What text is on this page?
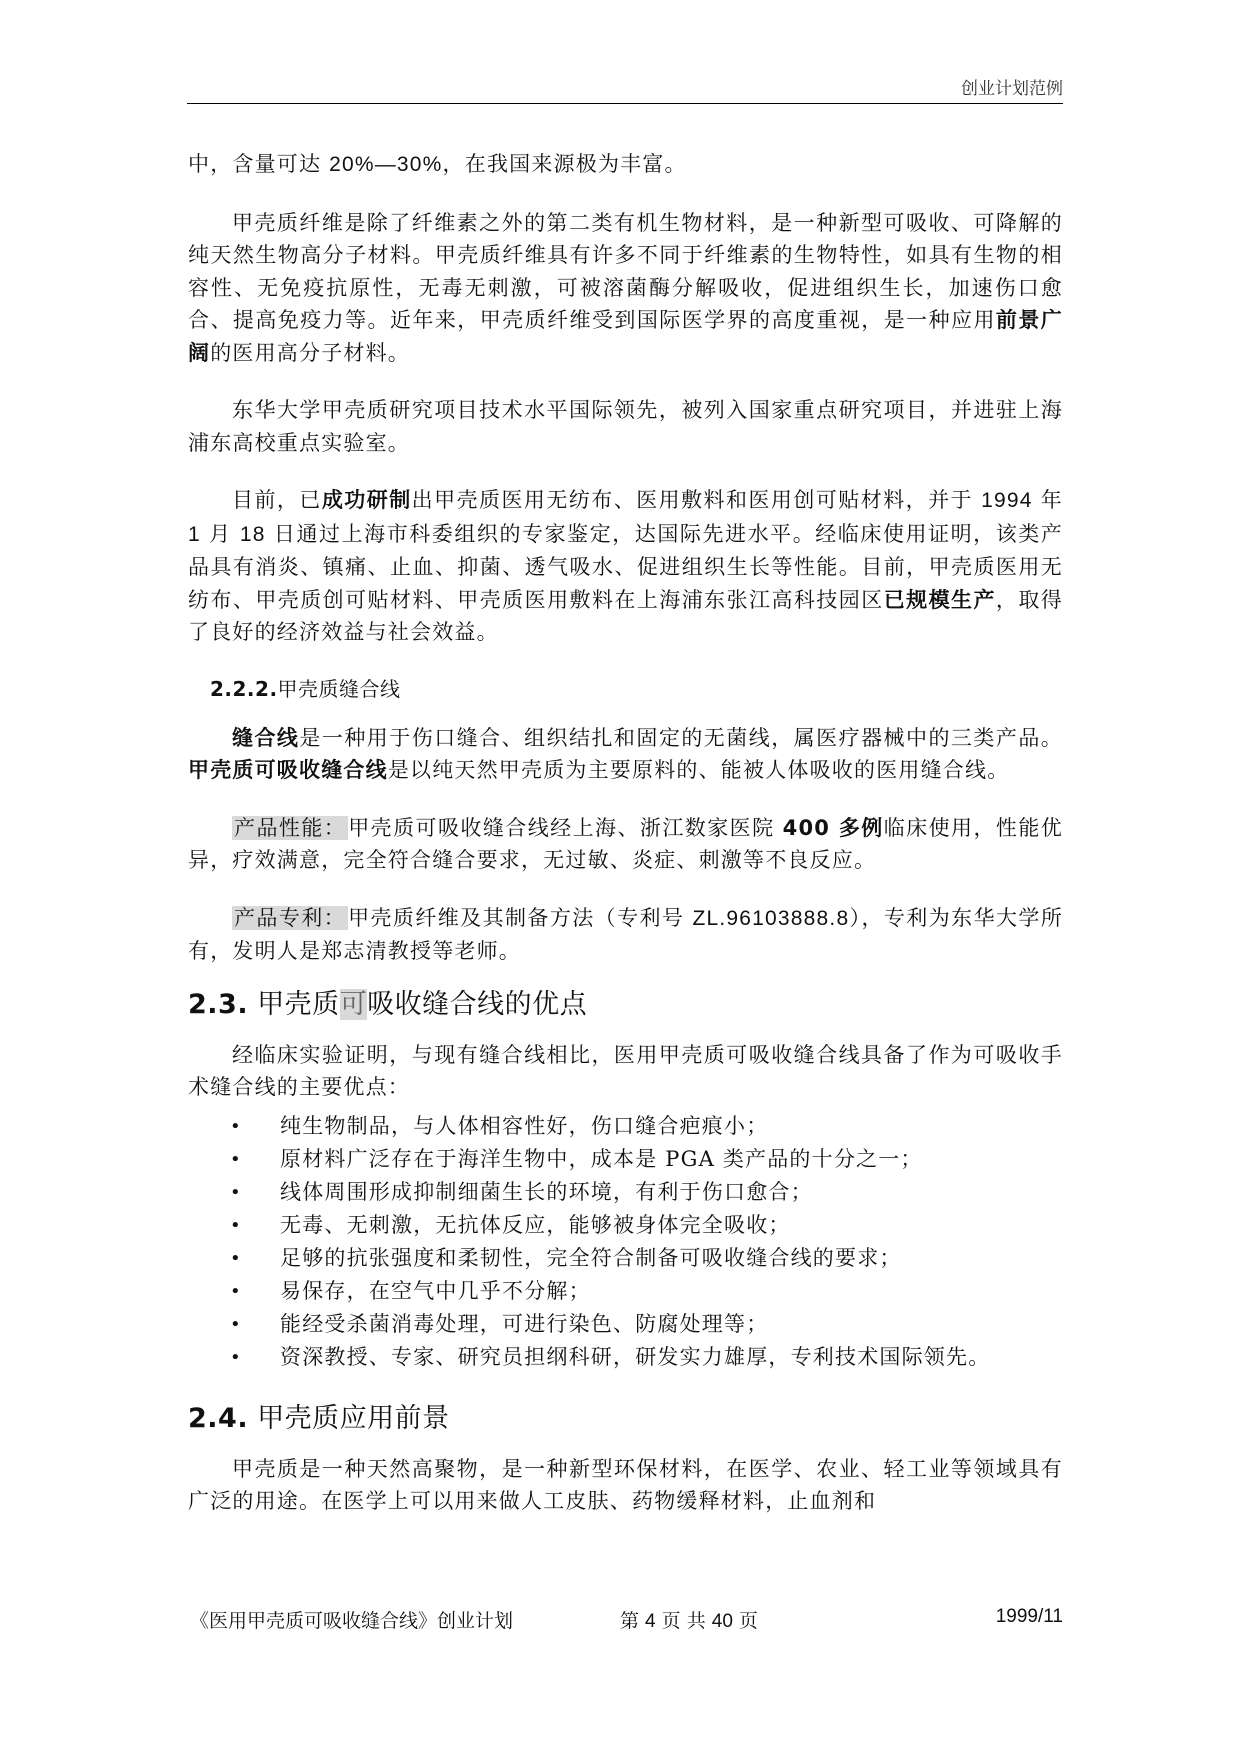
创业计划范例

中，含量可达 20%—30%，在我国来源极为丰富。

甲壳质纤维是除了纤维素之外的第二类有机生物材料，是一种新型可吸收、可降解的纯天然生物高分子材料。甲壳质纤维具有许多不同于纤维素的生物特性，如具有生物的相容性、无免疫抗原性，无毒无刺激，可被溶菌酶分解吸收，促进组织生长，加速伤口愈合、提高免疫力等。近年来，甲壳质纤维受到国际医学界的高度重视，是一种应用前景广阔的医用高分子材料。

东华大学甲壳质研究项目技术水平国际领先，被列入国家重点研究项目，并进驻上海浦东高校重点实验室。

目前，已成功研制出甲壳质医用无纺布、医用敷料和医用创可贴材料，并于 1994 年 1 月 18 日通过上海市科委组织的专家鉴定，达国际先进水平。经临床使用证明，该类产品具有消炎、镇痛、止血、抑菌、透气吸水、促进组织生长等性能。目前，甲壳质医用无纺布、甲壳质创可贴材料、甲壳质医用敷料在上海浦东张江高科技园区已规模生产，取得了良好的经济效益与社会效益。

2.2.2.甲壳质缝合线

缝合线是一种用于伤口缝合、组织结扎和固定的无菌线，属医疗器械中的三类产品。甲壳质可吸收缝合线是以纯天然甲壳质为主要原料的、能被人体吸收的医用缝合线。

产品性能：甲壳质可吸收缝合线经上海、浙江数家医院 400 多例临床使用，性能优异，疗效满意，完全符合缝合要求，无过敏、炎症、刺激等不良反应。

产品专利：甲壳质纤维及其制备方法（专利号 ZL.96103888.8），专利为东华大学所有，发明人是郑志清教授等老师。

2.3. 甲壳质可吸收缝合线的优点

经临床实验证明，与现有缝合线相比，医用甲壳质可吸收缝合线具备了作为可吸收手术缝合线的主要优点：

• 纯生物制品，与人体相容性好，伤口缝合疤痕小；
• 原材料广泛存在于海洋生物中，成本是 PGA 类产品的十分之一；
• 线体周围形成抑制细菌生长的环境，有利于伤口愈合；
• 无毒、无刺激，无抗体反应，能够被身体完全吸收；
• 足够的抗张强度和柔韧性，完全符合制备可吸收缝合线的要求；
• 易保存，在空气中几乎不分解；
• 能经受杀菌消毒处理，可进行染色、防腐处理等；
• 资深教授、专家、研究员担纲科研，研发实力雄厚，专利技术国际领先。
2.4. 甲壳质应用前景

甲壳质是一种天然高聚物，是一种新型环保材料，在医学、农业、轻工业等领域具有广泛的用途。在医学上可以用来做人工皮肤、药物缓释材料，止血剂和

《医用甲壳质可吸收缝合线》创业计划	第 4 页 共 40 页	1999/11
